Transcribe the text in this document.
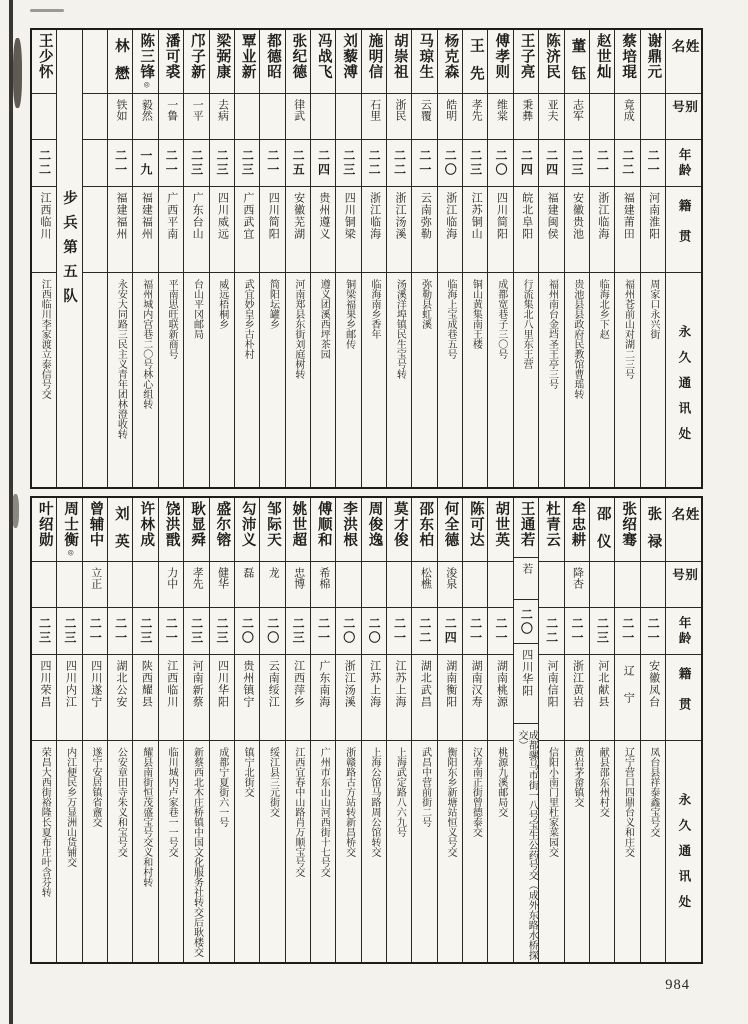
姓名
别号
年龄
籍贯
永久通讯处
谢鼎元
二一
河南淮阳
周家口永兴街
蔡培琨
竟成
二二
福建莆田
福州苍前山对湖二三号
赵世灿
二一
浙江临海
临海北乡下赵
董钰
志军
二三
安徽贵池
贵池县县政府民教馆曹瑶转
陈济民
亚夫
二四
福建闽侯
福州南台金垱圣王亭三号
王子亮
秉彝
二四
皖北阜阳
行流集北八里东王营
傅孝则
维棠
二〇
四川简阳
成都宽巷子三〇号
王先
孝先
二三
江苏铜山
铜山黄集南王楼
杨克森
皓明
二〇
浙江临海
临海上宝成巷五号
马琼生
云覆
二一
云南弥勒
弥勒县虹溪
胡崇祖
浙民
二二
浙江汤溪
汤溪洋埠镇民生宝号转
施明信
石里
二二
浙江临海
临海南乡香年
刘藜溥
二三
四川铜梁
铜梁福果乡邮传
冯战飞
二四
贵州遵义
遵义团溪西坪茶园
张纪德
律武
二五
安徽芜湖
河南郑县东街刘庭树转
都德昭
二一
四川简阳
简阳坛罐乡
覃业新
二三
广西武宜
武宜妙皇乡古朴村
梁弼康
去病
二三
四川威远
威远梧桐乡
邝子新
一平
二三
广东台山
台山平冈邮局
潘可裘
一鲁
二一
广西平南
平南思旺联新商号
陈三锋◎
毅然
一九
福建福州
福州城内宫巷二〇号林心组转
林懋
铁如
二一
福建福州
永安大同路三民主义青年团林澄收转
步兵第五队
王少怀
二二
江西临川
江西临川李家渡立泰信号交
姓名
别号
年龄
籍贯
永久通讯处
张禄
二一
安徽凤台
凤台县祥泰鑫宝号交
张绍骞
二一
辽宁
辽宁营口四鼎台义和庄交
邵仪
二三
河北献县
献县邵东州村交
牟忠耕
降杏
二一
浙江黄岩
黄岩茅畲镇交
杜青云
二二
河南信阳
信阳小南门里杜家菜园交
王通若
若
二〇
四川华阳
成都骡马市街一八号宝生公药号交（成外东路水桥探交）
胡世英
二一
湖南桃源
桃源九溪邮局交
陈可达
二一
湖南汉寿
汉寿南正街曾德泰交
何全德
浚泉
二四
湖南衡阳
衡阳东乡新塘站恒义号交
邵东柏
松樵
二二
湖北武昌
武昌中营前街二号
莫才俊
二一
江苏上海
上海武定路八六九号
周俊逸
二〇
江苏上海
上海公馆马路周公馆转交
李洪根
二〇
浙江汤溪
浙赣路古方站转新昌桥交
傅顺和
希棉
二一
广东南海
广州市东山山河西街十七号交
姚世超
忠博
二三
江西萍乡
江西宜春中山路肖万顺宝号交
邹际天
龙
二〇
云南绥江
绥江县三元街交
勾沛义
磊
二〇
贵州镇宁
镇宁北街交
盛尔镕
健华
二三
四川华阳
成都宁夏街六一号
耿显舜
孝先
二三
河南新蔡
新蔡西北木庄桥镇中国文化服务社转交后耿楼交
饶洪戬
力中
二一
江西临川
临川城内卢家巷一一号交
许林成
二三
陕西耀县
耀县南街恒茂盛宝号交义和村转
刘英
二一
湖北公安
公安章田寺朱义和宝号交
曾辅中
立正
二一
四川遂宁
遂宁安居镇省盦交
周士衡◎
二三
四川内江
内江便民乡万显洲山货铺交
叶绍勋
二三
四川荣昌
荣昌大西街裕隆长夏布庄叶含芬转
984
